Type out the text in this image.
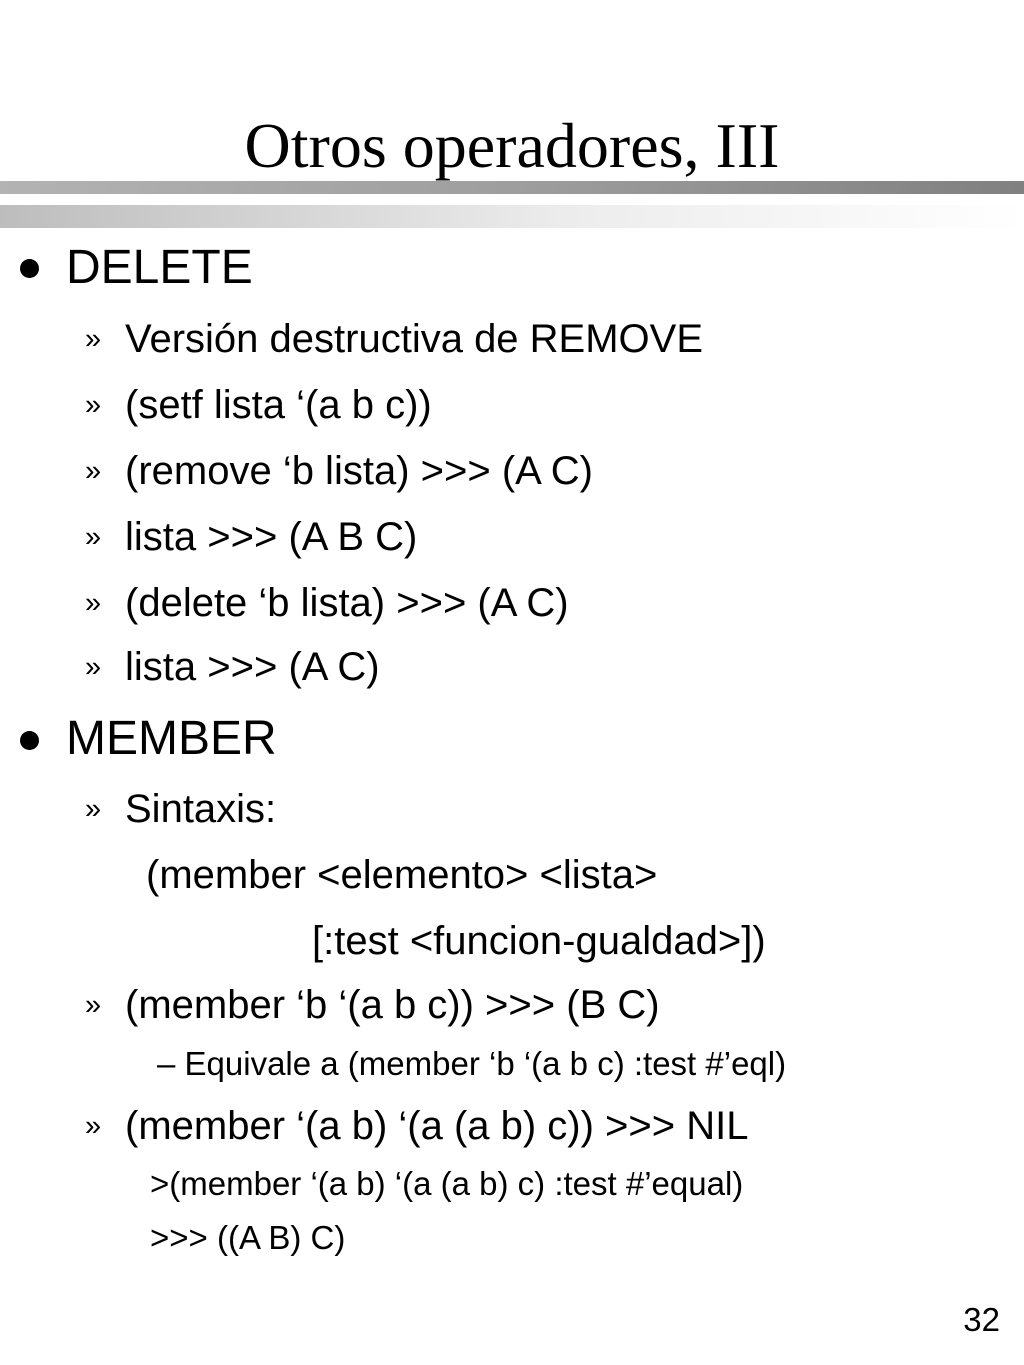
Otros operadores, III
DELETE
» Versión destructiva de REMOVE
» (setf lista ‘(a b c))
» (remove ‘b lista) >>> (A C)
» lista >>> (A B C)
» (delete ‘b lista) >>> (A C)
» lista >>> (A C)
MEMBER
» Sintaxis:
(member <elemento> <lista>
[:test <funcion-gualdad>])
» (member ‘b ‘(a b c)) >>> (B C)
– Equivale a (member ‘b ‘(a b c) :test #’eql)
» (member ‘(a b) ‘(a (a b) c)) >>> NIL
>(member ‘(a b) ‘(a (a b) c) :test #’equal)
>>> ((A B) C)
32
